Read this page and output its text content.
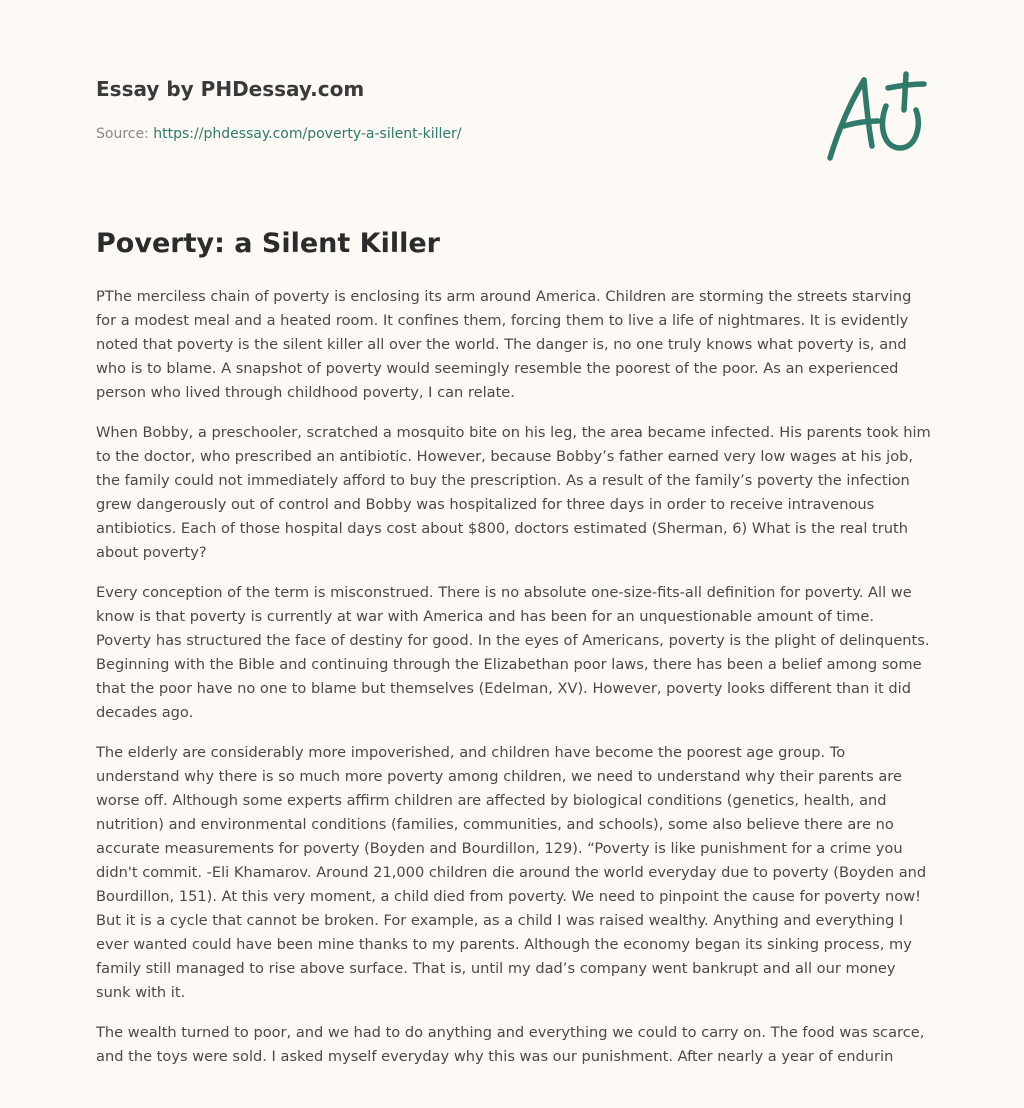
Essay by PHDessay.com
Source: https://phdessay.com/poverty-a-silent-killer/
Poverty: a Silent Killer

PThe merciless chain of poverty is enclosing its arm around America. Children are storming the streets starving for a modest meal and a heated room. It confines them, forcing them to live a life of nightmares. It is evidently noted that poverty is the silent killer all over the world. The danger is, no one truly knows what poverty is, and who is to blame. A snapshot of poverty would seemingly resemble the poorest of the poor. As an experienced person who lived through childhood poverty, I can relate.

When Bobby, a preschooler, scratched a mosquito bite on his leg, the area became infected. His parents took him to the doctor, who prescribed an antibiotic. However, because Bobby’s father earned very low wages at his job, the family could not immediately afford to buy the prescription. As a result of the family’s poverty the infection grew dangerously out of control and Bobby was hospitalized for three days in order to receive intravenous antibiotics. Each of those hospital days cost about $800, doctors estimated (Sherman, 6) What is the real truth about poverty?

Every conception of the term is misconstrued. There is no absolute one-size-fits-all definition for poverty. All we know is that poverty is currently at war with America and has been for an unquestionable amount of time. Poverty has structured the face of destiny for good. In the eyes of Americans, poverty is the plight of delinquents. Beginning with the Bible and continuing through the Elizabethan poor laws, there has been a belief among some that the poor have no one to blame but themselves (Edelman, XV). However, poverty looks different than it did decades ago.

The elderly are considerably more impoverished, and children have become the poorest age group. To understand why there is so much more poverty among children, we need to understand why their parents are worse off. Although some experts affirm children are affected by biological conditions (genetics, health, and nutrition) and environmental conditions (families, communities, and schools), some also believe there are no accurate measurements for poverty (Boyden and Bourdillon, 129). “Poverty is like punishment for a crime you didn't commit. -Eli Khamarov. Around 21,000 children die around the world everyday due to poverty (Boyden and Bourdillon, 151). At this very moment, a child died from poverty. We need to pinpoint the cause for poverty now! But it is a cycle that cannot be broken. For example, as a child I was raised wealthy. Anything and everything I ever wanted could have been mine thanks to my parents. Although the economy began its sinking process, my family still managed to rise above surface. That is, until my dad’s company went bankrupt and all our money sunk with it.

The wealth turned to poor, and we had to do anything and everything we could to carry on. The food was scarce, and the toys were sold. I asked myself everyday why this was our punishment. After nearly a year of endurin
